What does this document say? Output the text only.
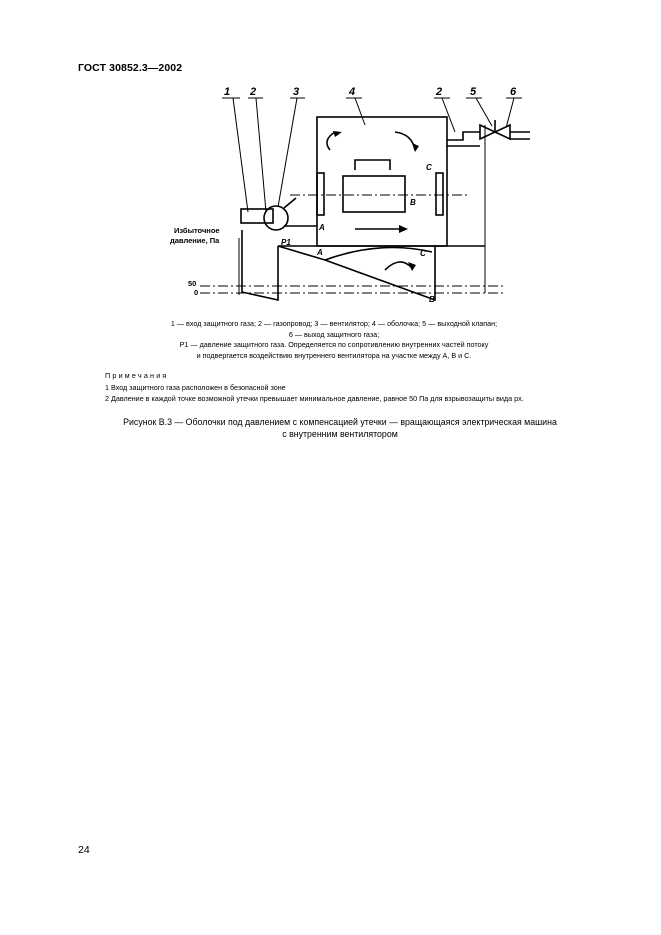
ГОСТ 30852.3—2002
1 2	3	4	2	5	6
A
A
B
B
C
C
P1
Избыточное
давление, Па
50
0
1 — вход защитного газа; 2 — газопровод; 3 — вентилятор; 4 — оболочка; 5 — выходной клапан;
6 — выход защитного газа;
P1 — давление защитного газа. Определяется по сопротивлению внутренних частей потоку
и подвергается воздействию внутреннего вентилятора на участке между A, B и C.
Примечания
1 Вход защитного газа расположен в безопасной зоне
2 Давление в каждой точке возможной утечки превышает минимальное давление, равное 50 Па для взрывозащиты вида px.
Рисунок В.3 — Оболочки под давлением с компенсацией утечки — вращающаяся электрическая машина
с внутренним вентилятором
24
